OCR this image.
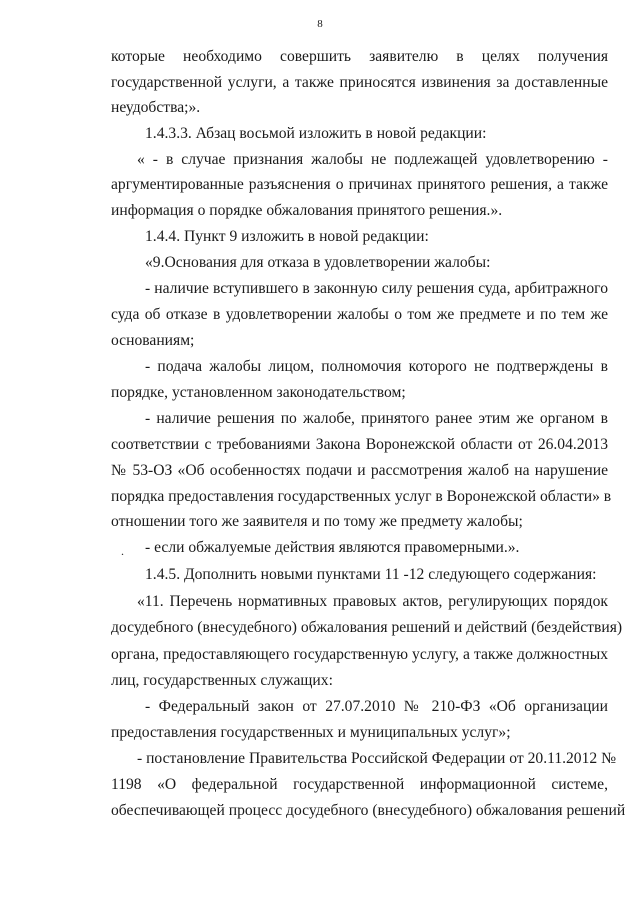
8
которые необходимо совершить заявителю в целях получения
государственной услуги, а также приносятся извинения за доставленные
неудобства;».
1.4.3.3. Абзац восьмой изложить в новой редакции:
« - в случае признания жалобы не подлежащей удовлетворению -
аргументированные разъяснения о причинах принятого решения, а также
информация о порядке обжалования принятого решения.».
1.4.4. Пункт 9 изложить в новой редакции:
«9.Основания для отказа в удовлетворении жалобы:
- наличие вступившего в законную силу решения суда, арбитражного
суда об отказе в удовлетворении жалобы о том же предмете и по тем же
основаниям;
- подача жалобы лицом, полномочия которого не подтверждены в
порядке, установленном законодательством;
- наличие решения по жалобе, принятого ранее этим же органом в
соответствии с требованиями Закона Воронежской области от 26.04.2013
№ 53-ОЗ «Об особенностях подачи и рассмотрения жалоб на нарушение
порядка предоставления государственных услуг в Воронежской области» в
отношении того же заявителя и по тому же предмету жалобы;
. - если обжалуемые действия являются правомерными.».
1.4.5. Дополнить новыми пунктами 11 -12 следующего содержания:
«11. Перечень нормативных правовых актов, регулирующих порядок
досудебного (внесудебного) обжалования решений и действий (бездействия)
органа, предоставляющего государственную услугу, а также должностных
лиц, государственных служащих:
- Федеральный закон от 27.07.2010 № 210-ФЗ «Об организации
предоставления государственных и муниципальных услуг»;
- постановление Правительства Российской Федерации от 20.11.2012 №
1198 «О федеральной государственной информационной системе,
обеспечивающей процесс досудебного (внесудебного) обжалования решений
